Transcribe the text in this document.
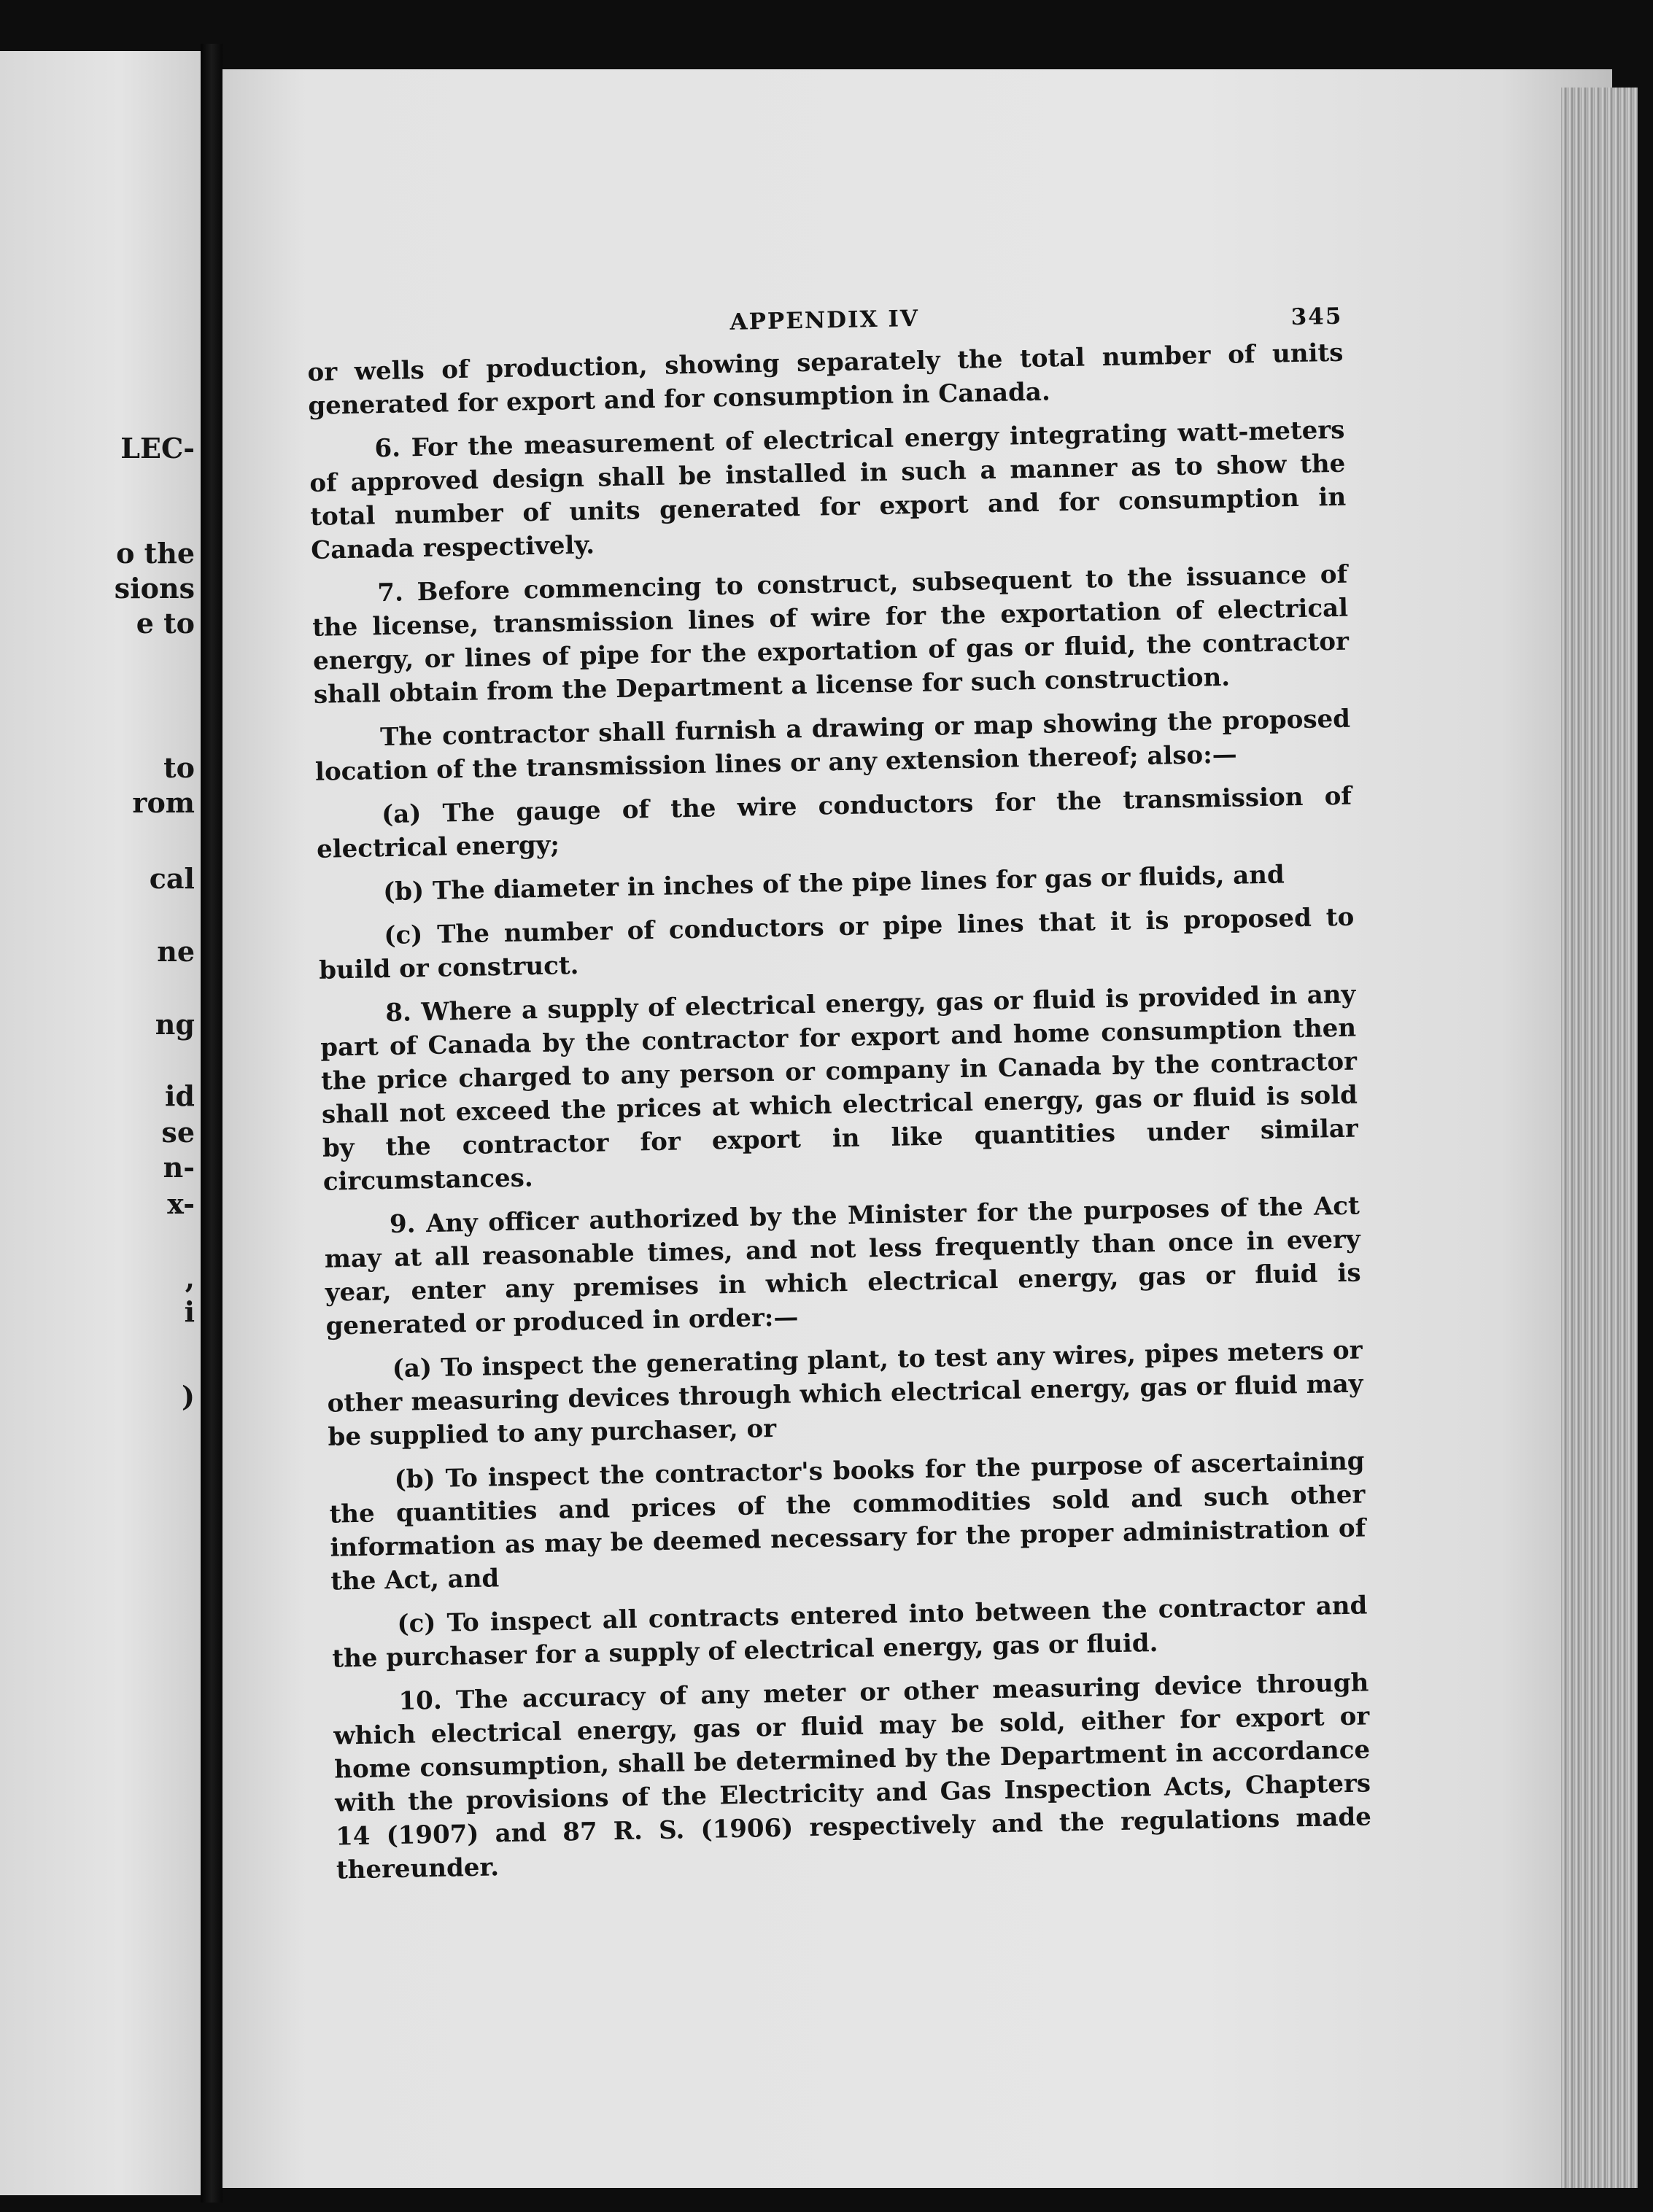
LEC-
o the
sions
e to
to
rom
cal
ne
ng
id
se
n-
x-
,
i
)
APPENDIX IV	345

or wells of production, showing separately the total number of units generated for export and for consumption in Canada.

6. For the measurement of electrical energy integrating watt-meters of approved design shall be installed in such a manner as to show the total number of units generated for export and for consumption in Canada respectively.

7. Before commencing to construct, subsequent to the issuance of the license, transmission lines of wire for the exportation of electrical energy, or lines of pipe for the exportation of gas or fluid, the contractor shall obtain from the Department a license for such construction.

The contractor shall furnish a drawing or map showing the proposed location of the transmission lines or any extension thereof; also:—

(a) The gauge of the wire conductors for the transmission of electrical energy;

(b) The diameter in inches of the pipe lines for gas or fluids, and

(c) The number of conductors or pipe lines that it is proposed to build or construct.

8. Where a supply of electrical energy, gas or fluid is provided in any part of Canada by the contractor for export and home consumption then the price charged to any person or company in Canada by the contractor shall not exceed the prices at which electrical energy, gas or fluid is sold by the contractor for export in like quantities under similar circumstances.

9. Any officer authorized by the Minister for the purposes of the Act may at all reasonable times, and not less frequently than once in every year, enter any premises in which electrical energy, gas or fluid is generated or produced in order:—

(a) To inspect the generating plant, to test any wires, pipes meters or other measuring devices through which electrical energy, gas or fluid may be supplied to any purchaser, or

(b) To inspect the contractor's books for the purpose of ascertaining the quantities and prices of the commodities sold and such other information as may be deemed necessary for the proper administration of the Act, and

(c) To inspect all contracts entered into between the contractor and the purchaser for a supply of electrical energy, gas or fluid.

10. The accuracy of any meter or other measuring device through which electrical energy, gas or fluid may be sold, either for export or home consumption, shall be determined by the Department in accordance with the provisions of the Electricity and Gas Inspection Acts, Chapters 14 (1907) and 87 R. S. (1906) respectively and the regulations made thereunder.
